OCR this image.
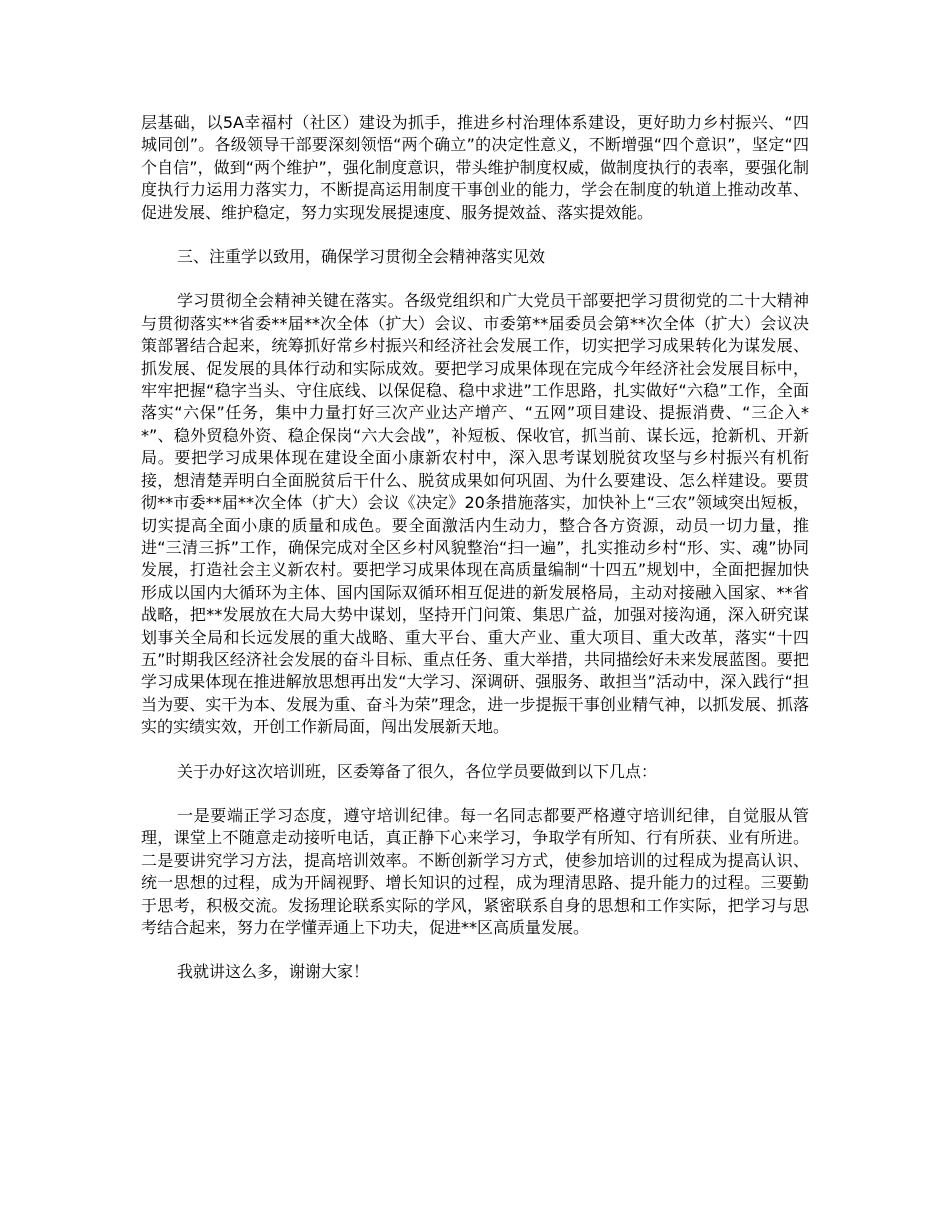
层基础，以5A幸福村（社区）建设为抓手，推进乡村治理体系建设，更好助力乡村振兴、“四城同创”。各级领导干部要深刻领悟“两个确立”的决定性意义，不断增强“四个意识”，坚定“四个自信”，做到“两个维护”，强化制度意识，带头维护制度权威，做制度执行的表率，要强化制度执行力运用力落实力，不断提高运用制度干事创业的能力，学会在制度的轨道上推动改革、促进发展、维护稳定，努力实现发展提速度、服务提效益、落实提效能。

三、注重学以致用，确保学习贯彻全会精神落实见效

学习贯彻全会精神关键在落实。各级党组织和广大党员干部要把学习贯彻党的二十大精神与贯彻落实**省委**届**次全体（扩大）会议、市委第**届委员会第**次全体（扩大）会议决策部署结合起来，统筹抓好常乡村振兴和经济社会发展工作，切实把学习成果转化为谋发展、抓发展、促发展的具体行动和实际成效。要把学习成果体现在完成今年经济社会发展目标中，牢牢把握“稳字当头、守住底线、以保促稳、稳中求进”工作思路，扎实做好“六稳”工作，全面落实“六保”任务，集中力量打好三次产业达产增产、“五网”项目建设、提振消费、“三企入**”、稳外贸稳外资、稳企保岗“六大会战”，补短板、保收官，抓当前、谋长远，抢新机、开新局。要把学习成果体现在建设全面小康新农村中，深入思考谋划脱贫攻坚与乡村振兴有机衔接，想清楚弄明白全面脱贫后干什么、脱贫成果如何巩固、为什么要建设、怎么样建设。要贯彻**市委**届**次全体（扩大）会议《决定》20条措施落实，加快补上“三农”领域突出短板，切实提高全面小康的质量和成色。要全面激活内生动力，整合各方资源，动员一切力量，推进“三清三拆”工作，确保完成对全区乡村风貌整治“扫一遍”，扎实推动乡村“形、实、魂”协同发展，打造社会主义新农村。要把学习成果体现在高质量编制“十四五”规划中，全面把握加快形成以国内大循环为主体、国内国际双循环相互促进的新发展格局，主动对接融入国家、**省战略，把**发展放在大局大势中谋划，坚持开门问策、集思广益，加强对接沟通，深入研究谋划事关全局和长远发展的重大战略、重大平台、重大产业、重大项目、重大改革，落实“十四五”时期我区经济社会发展的奋斗目标、重点任务、重大举措，共同描绘好未来发展蓝图。要把学习成果体现在推进解放思想再出发“大学习、深调研、强服务、敢担当”活动中，深入践行“担当为要、实干为本、发展为重、奋斗为荣”理念，进一步提振干事创业精气神，以抓发展、抓落实的实绩实效，开创工作新局面，闯出发展新天地。

关于办好这次培训班，区委筹备了很久，各位学员要做到以下几点：

一是要端正学习态度，遵守培训纪律。每一名同志都要严格遵守培训纪律，自觉服从管理，课堂上不随意走动接听电话，真正静下心来学习，争取学有所知、行有所获、业有所进。二是要讲究学习方法，提高培训效率。不断创新学习方式，使参加培训的过程成为提高认识、统一思想的过程，成为开阔视野、增长知识的过程，成为理清思路、提升能力的过程。三要勤于思考，积极交流。发扬理论联系实际的学风，紧密联系自身的思想和工作实际，把学习与思考结合起来，努力在学懂弄通上下功夫，促进**区高质量发展。

我就讲这么多，谢谢大家！
